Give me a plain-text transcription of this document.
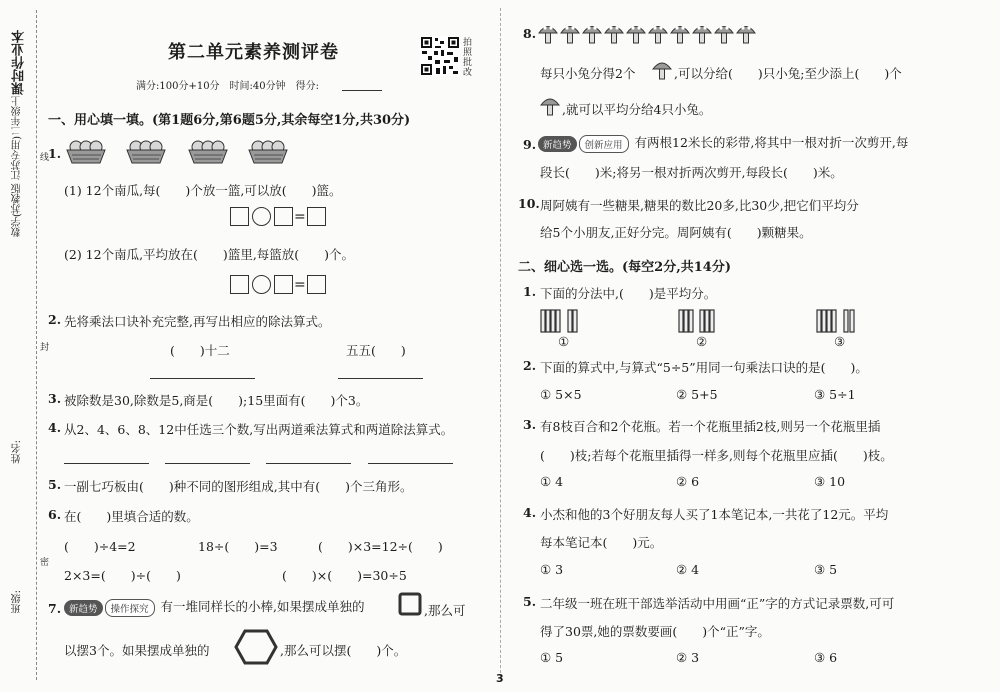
课时作业本
数学(苏教版 江苏专用)二年级上 线
封
密
姓名:
班级:
第二单元素养测评卷
满分:100分+10分　时间:40分钟　得分:
拍
照
批
改
一、用心填一填。(第1题6分,第6题5分,其余每空1分,共30分)
1.
(1) 12个南瓜,每(　　)个放一篮,可以放(　　)篮。
=
(2) 12个南瓜,平均放在(　　)篮里,每篮放(　　)个。
=
2. 先将乘法口诀补充完整,再写出相应的除法算式。
(　　)十二	五五(　　)
3. 被除数是30,除数是5,商是(　　);15里面有(　　)个3。
4. 从2、4、6、8、12中任选三个数,写出两道乘法算式和两道除法算式。
5. 一副七巧板由(　　)种不同的图形组成,其中有(　　)个三角形。
6. 在(　　)里填合适的数。
(　　)÷4=2	18÷(　　)=3	(　　)×3=12÷(　　)
2×3=(　　)÷(　　)	(　　)×(　　)=30÷5
7. 新趋势 操作探究 有一堆同样长的小棒,如果摆成单独的	,那么可
以摆3个。如果摆成单独的	,那么可以摆(　　)个。
8.
每只小兔分得2个	,可以分给(　　)只小兔;至少添上(　　)个
,就可以平均分给4只小兔。
9. 新趋势 创新应用 有两根12米长的彩带,将其中一根对折一次剪开,每
段长(　　)米;将另一根对折两次剪开,每段长(　　)米。
10. 周阿姨有一些糖果,糖果的数比20多,比30少,把它们平均分
给5个小朋友,正好分完。周阿姨有(　　)颗糖果。
二、细心选一选。(每空2分,共14分)
1. 下面的分法中,(　　)是平均分。
①	②	③
2. 下面的算式中,与算式“5÷5”用同一句乘法口诀的是(　　)。
① 5×5	② 5+5	③ 5÷1
3. 有8枝百合和2个花瓶。若一个花瓶里插2枝,则另一个花瓶里插
(　　)枝;若每个花瓶里插得一样多,则每个花瓶里应插(　　)枝。
① 4	② 6	③ 10
4. 小杰和他的3个好朋友每人买了1本笔记本,一共花了12元。平均
每本笔记本(　　)元。
① 3	② 4	③ 5
5. 二年级一班在班干部选举活动中用画“正”字的方式记录票数,可可
得了30票,她的票数要画(　　)个“正”字。
① 5	② 3	③ 6
3
